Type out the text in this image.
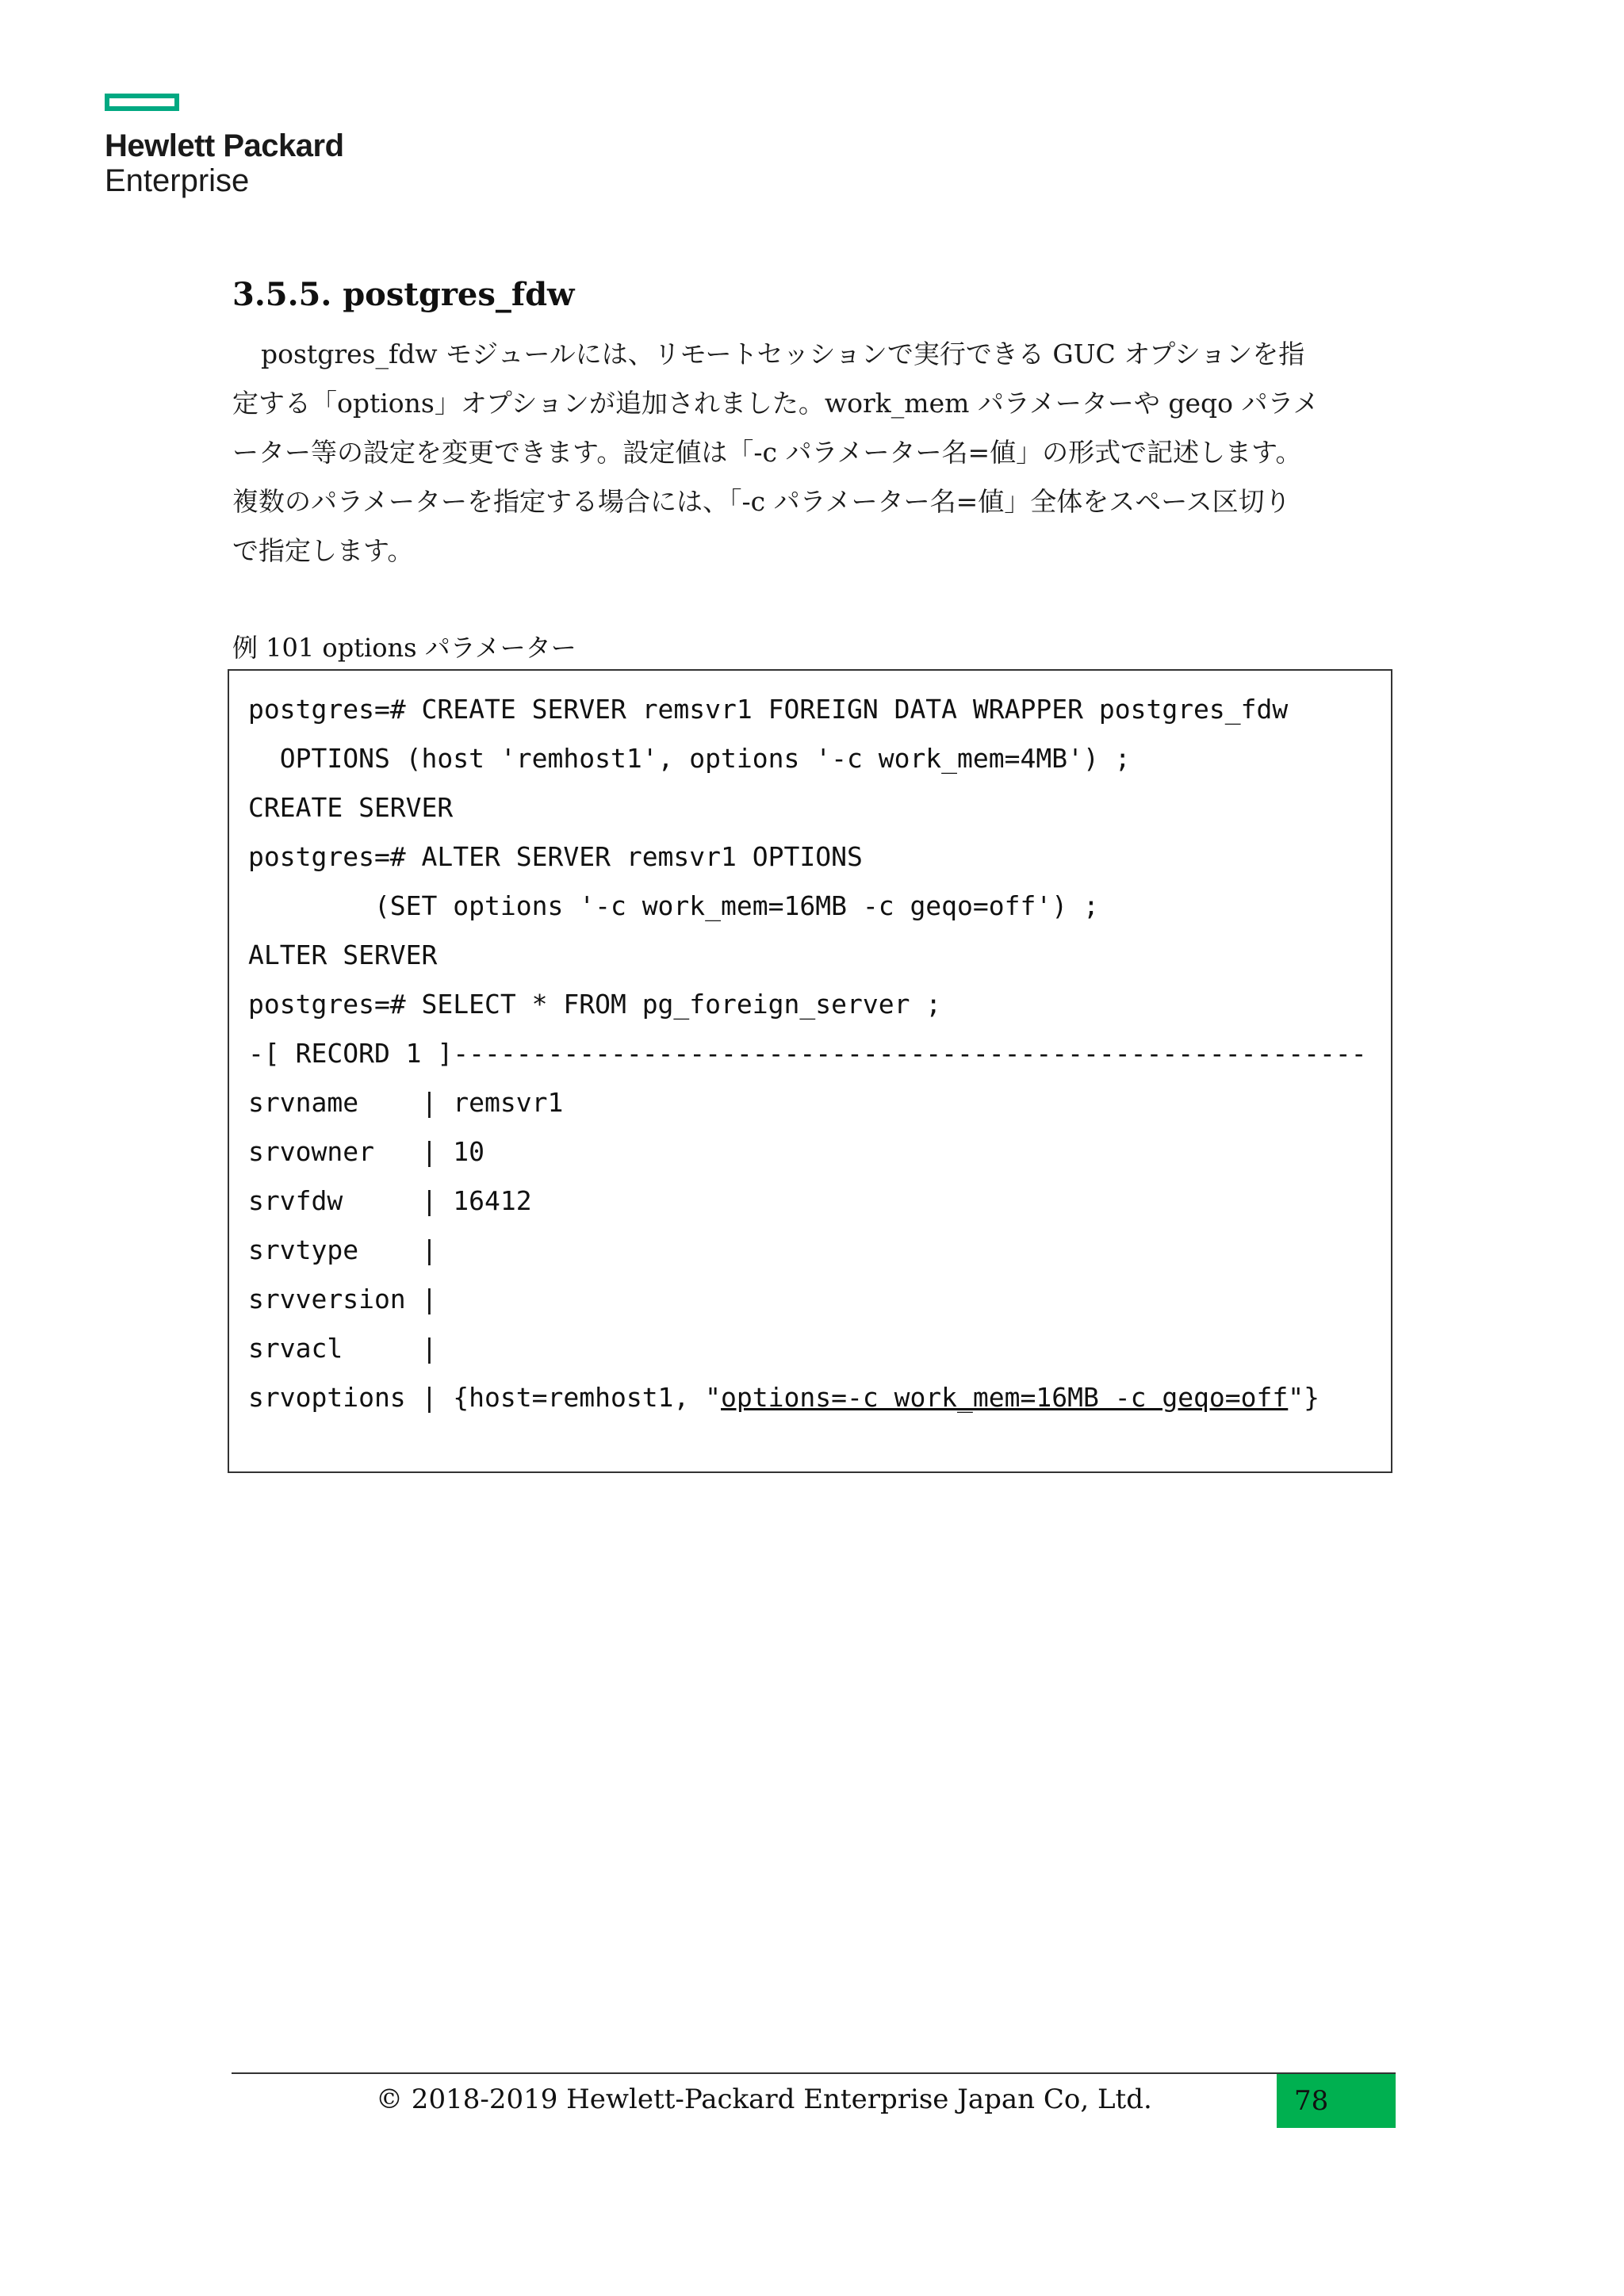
Hewlett Packard
Enterprise
3.5.5. postgres_fdw
postgres_fdw モジュールには、リモートセッションで実行できる GUC オプションを指
定する「options」オプションが追加されました。work_mem パラメーターや geqo パラメ
ーター等の設定を変更できます。設定値は「-c パラメーター名=値」の形式で記述します。
複数のパラメーターを指定する場合には、「-c パラメーター名=値」全体をスペース区切り
で指定します。
例 101 options パラメーター
postgres=# CREATE SERVER remsvr1 FOREIGN DATA WRAPPER postgres_fdw
OPTIONS (host 'remhost1', options '-c work_mem=4MB') ;
CREATE SERVER
postgres=# ALTER SERVER remsvr1 OPTIONS
(SET options '-c work_mem=16MB -c geqo=off') ;
ALTER SERVER
postgres=# SELECT * FROM pg_foreign_server ;
-[ RECORD 1 ]----------------------------------------------------------
srvname    | remsvr1
srvowner   | 10
srvfdw     | 16412
srvtype    |
srvversion |
srvacl     |
srvoptions | {host=remhost1, "options=-c work_mem=16MB -c geqo=off"}
© 2018-2019 Hewlett-Packard Enterprise Japan Co, Ltd.	78
